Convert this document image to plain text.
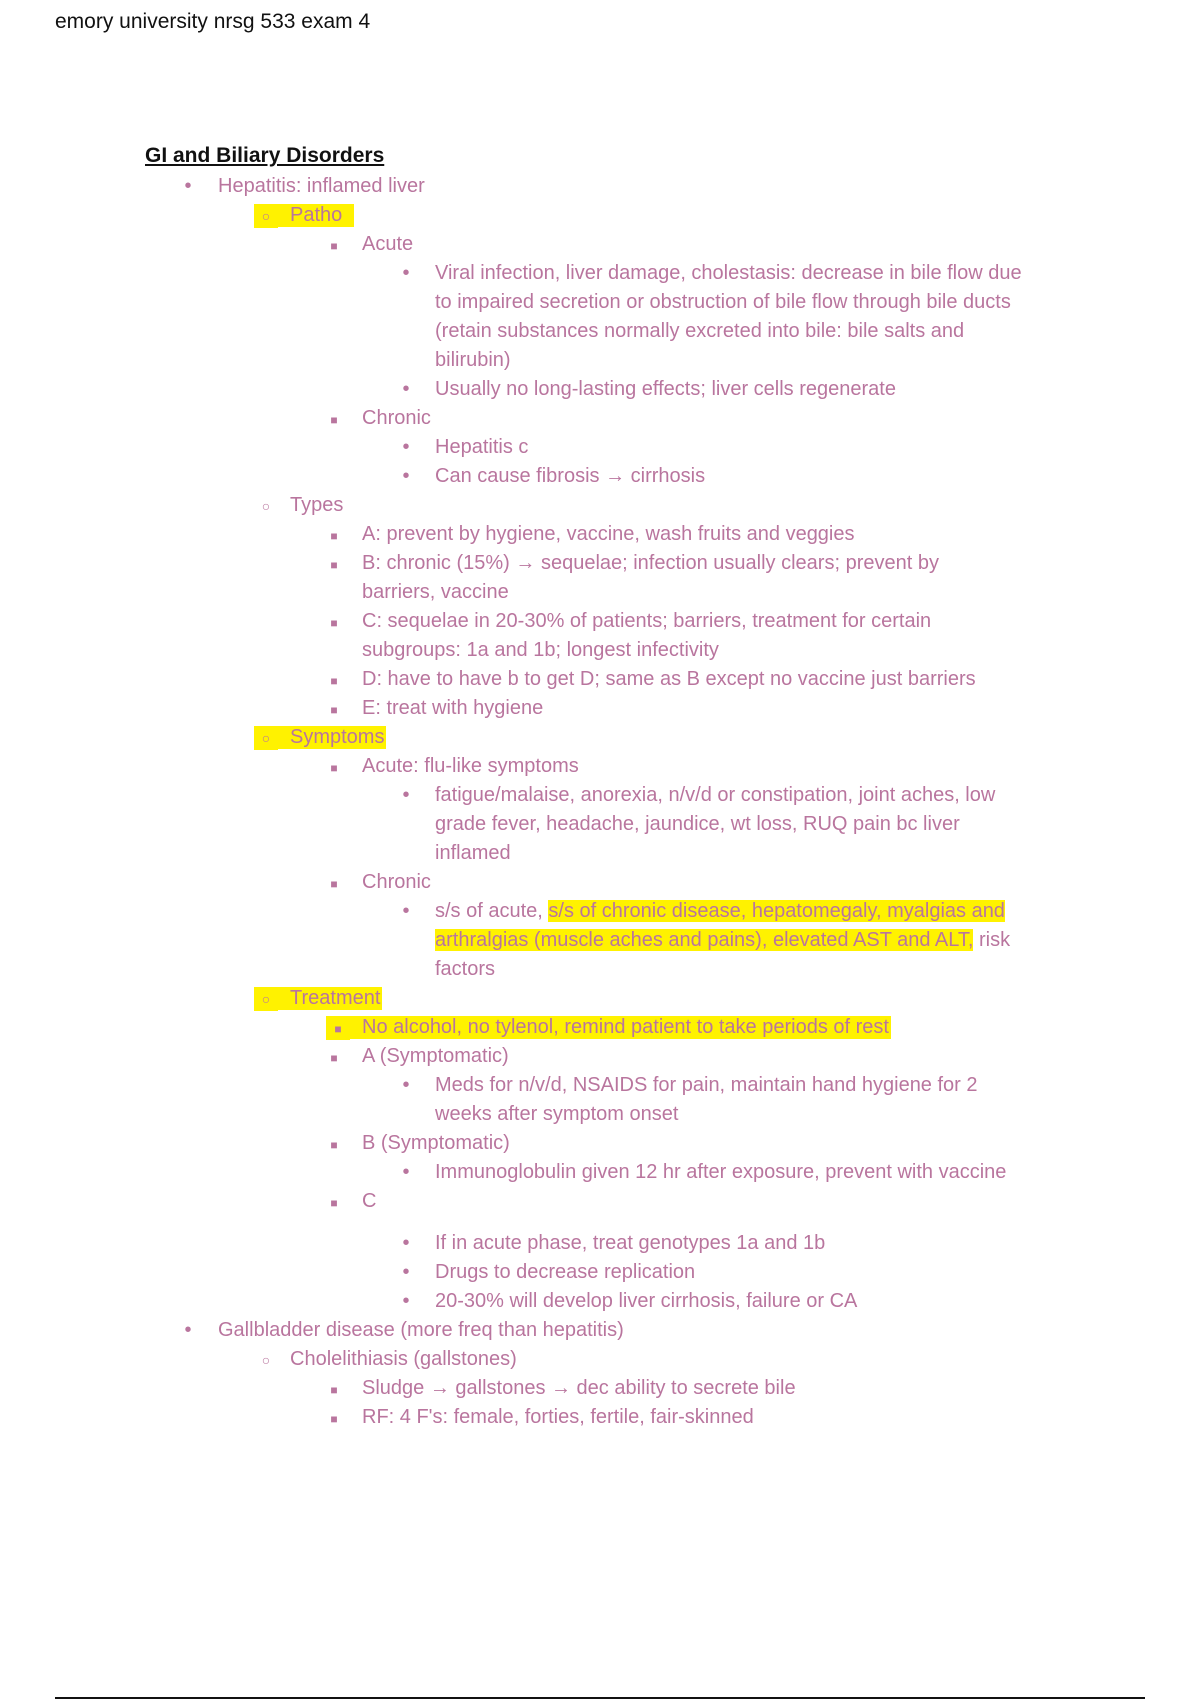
emory university nrsg 533 exam 4
GI and Biliary Disorders
•
Hepatitis: inflamed liver
○
Patho
■
Acute
•
Viral infection, liver damage, cholestasis: decrease in bile flow due
to impaired secretion or obstruction of bile flow through bile ducts
(retain substances normally excreted into bile: bile salts and
bilirubin)
•
Usually no long-lasting effects; liver cells regenerate
■
Chronic
•
Hepatitis c
•
Can cause fibrosis → cirrhosis
○
Types
■
A: prevent by hygiene, vaccine, wash fruits and veggies
■
B: chronic (15%) → sequelae; infection usually clears; prevent by
barriers, vaccine
■
C: sequelae in 20-30% of patients; barriers, treatment for certain
subgroups: 1a and 1b; longest infectivity
■
D: have to have b to get D; same as B except no vaccine just barriers
■
E: treat with hygiene
○
Symptoms
■
Acute: flu-like symptoms
•
fatigue/malaise, anorexia, n/v/d or constipation, joint aches, low
grade fever, headache, jaundice, wt loss, RUQ pain bc liver
inflamed
■
Chronic
•
s/s of acute, s/s of chronic disease, hepatomegaly, myalgias and
arthralgias (muscle aches and pains), elevated AST and ALT, risk
factors
○
Treatment
■
No alcohol, no tylenol, remind patient to take periods of rest
■
A (Symptomatic)
•
Meds for n/v/d, NSAIDS for pain, maintain hand hygiene for 2
weeks after symptom onset
■
B (Symptomatic)
•
Immunoglobulin given 12 hr after exposure, prevent with vaccine
■
C
•
If in acute phase, treat genotypes 1a and 1b
•
Drugs to decrease replication
•
20-30% will develop liver cirrhosis, failure or CA
•
Gallbladder disease (more freq than hepatitis)
○
Cholelithiasis (gallstones)
■
Sludge → gallstones → dec ability to secrete bile
■
RF: 4 F's: female, forties, fertile, fair-skinned
